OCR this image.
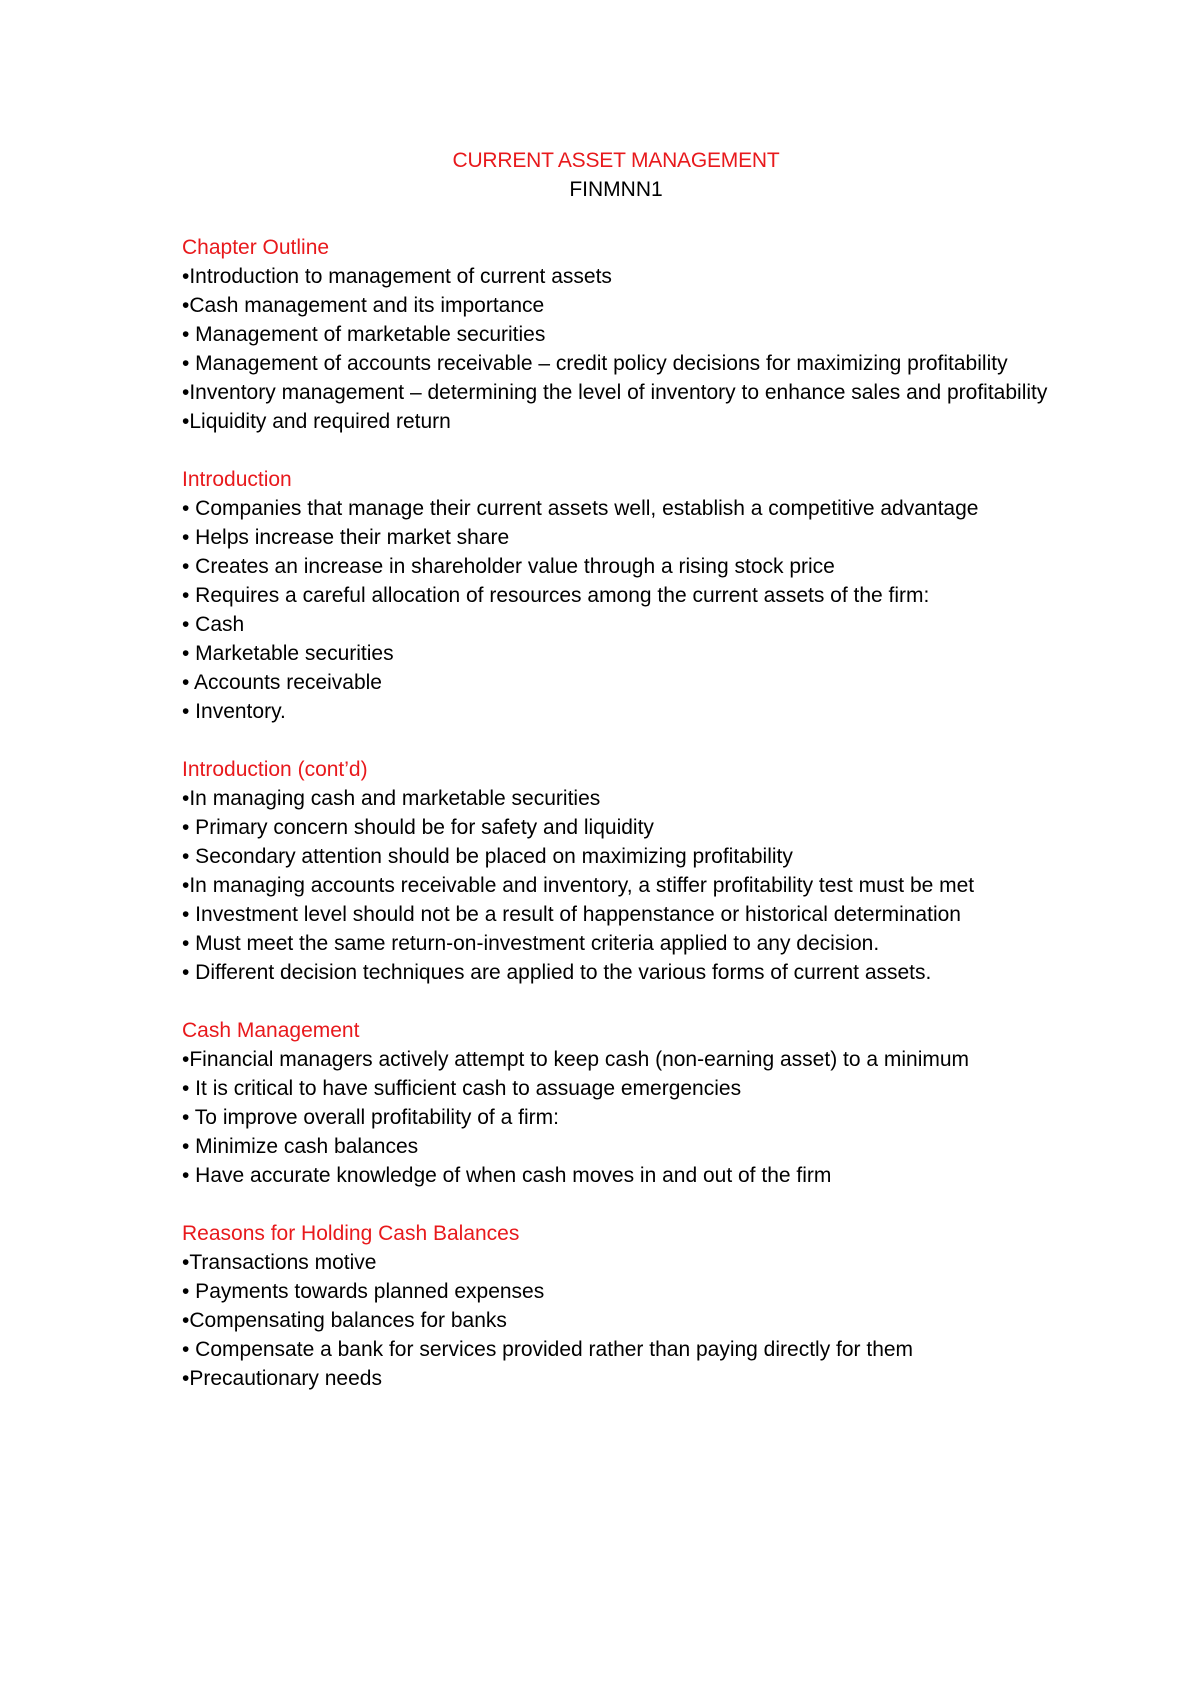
CURRENT ASSET MANAGEMENT
FINMNN1
Chapter Outline
•Introduction to management of current assets
•Cash management and its importance
• Management of marketable securities
• Management of accounts receivable – credit policy decisions for maximizing profitability
•Inventory management – determining the level of inventory to enhance sales and profitability
•Liquidity and required return
Introduction
• Companies that manage their current assets well, establish a competitive advantage
• Helps increase their market share
• Creates an increase in shareholder value through a rising stock price
• Requires a careful allocation of resources among the current assets of the firm:
• Cash
• Marketable securities
• Accounts receivable
• Inventory.
Introduction (cont’d)
•In managing cash and marketable securities
• Primary concern should be for safety and liquidity
• Secondary attention should be placed on maximizing profitability
•In managing accounts receivable and inventory, a stiffer profitability test must be met
• Investment level should not be a result of happenstance or historical determination
• Must meet the same return-on-investment criteria applied to any decision.
• Different decision techniques are applied to the various forms of current assets.
Cash Management
•Financial managers actively attempt to keep cash (non-earning asset) to a minimum
• It is critical to have sufficient cash to assuage emergencies
• To improve overall profitability of a firm:
• Minimize cash balances
• Have accurate knowledge of when cash moves in and out of the firm
Reasons for Holding Cash Balances
•Transactions motive
• Payments towards planned expenses
•Compensating balances for banks
• Compensate a bank for services provided rather than paying directly for them
•Precautionary needs
